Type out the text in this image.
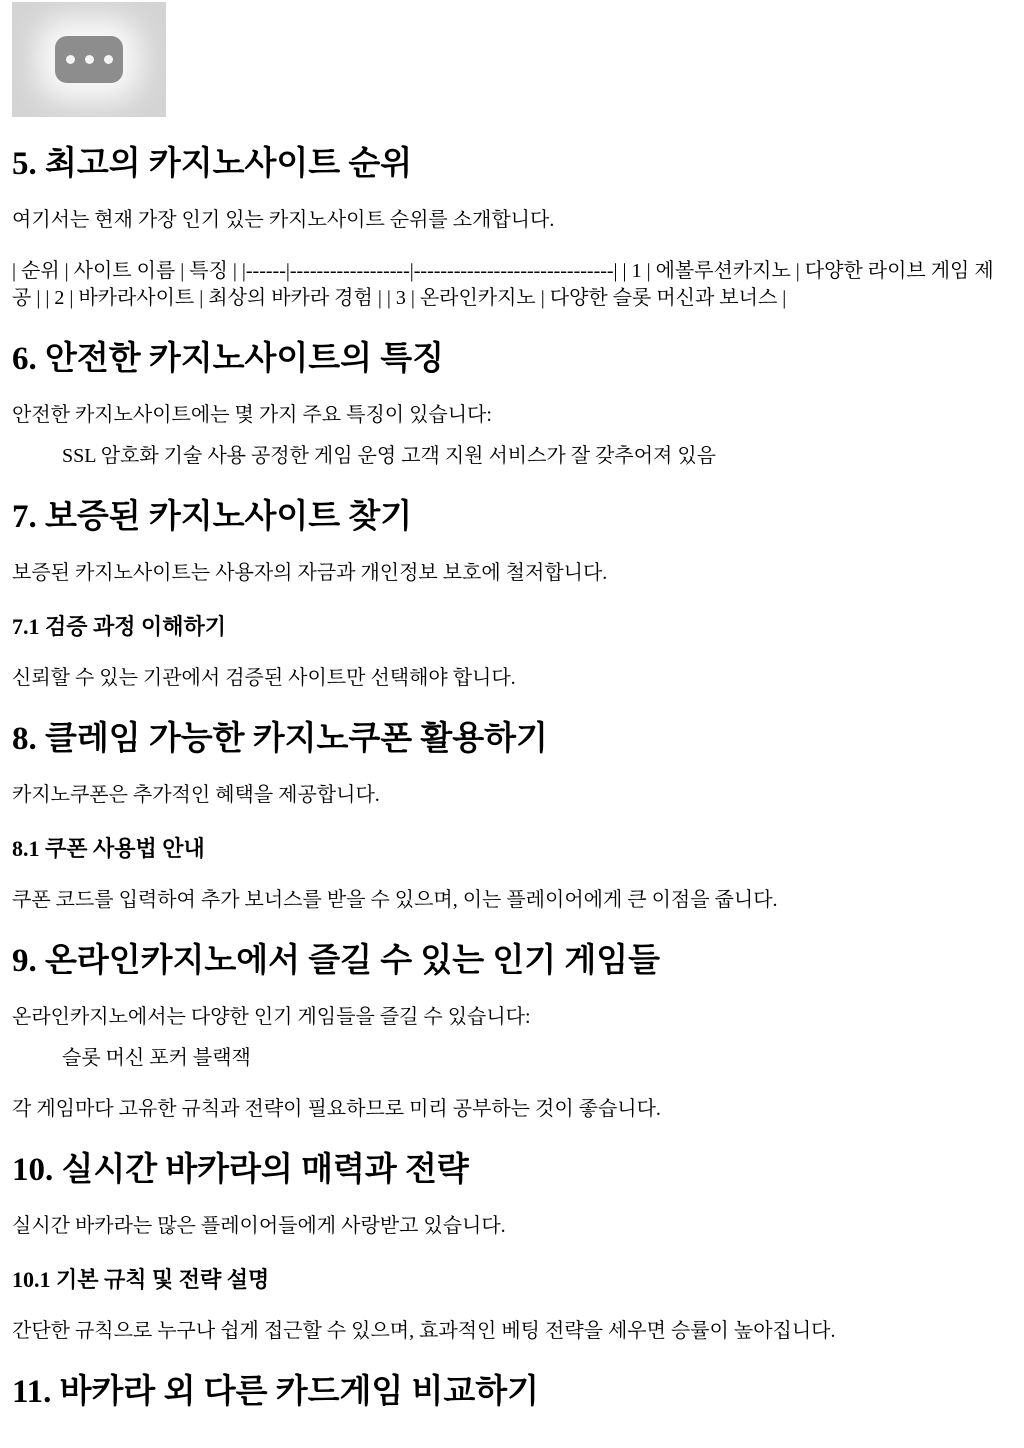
5. 최고의 카지노사이트 순위

여기서는 현재 가장 인기 있는 카지노사이트 순위를 소개합니다.

| 순위 | 사이트 이름 | 특징 | |------|------------------|------------------------------| | 1 | 에볼루션카지노 | 다양한 라이브 게임 제공 | | 2 | 바카라사이트 | 최상의 바카라 경험 | | 3 | 온라인카지노 | 다양한 슬롯 머신과 보너스 |

6. 안전한 카지노사이트의 특징

안전한 카지노사이트에는 몇 가지 주요 특징이 있습니다:

SSL 암호화 기술 사용 공정한 게임 운영 고객 지원 서비스가 잘 갖추어져 있음

7. 보증된 카지노사이트 찾기

보증된 카지노사이트는 사용자의 자금과 개인정보 보호에 철저합니다.

7.1 검증 과정 이해하기

신뢰할 수 있는 기관에서 검증된 사이트만 선택해야 합니다.

8. 클레임 가능한 카지노쿠폰 활용하기

카지노쿠폰은 추가적인 혜택을 제공합니다.

8.1 쿠폰 사용법 안내

쿠폰 코드를 입력하여 추가 보너스를 받을 수 있으며, 이는 플레이어에게 큰 이점을 줍니다.

9. 온라인카지노에서 즐길 수 있는 인기 게임들

온라인카지노에서는 다양한 인기 게임들을 즐길 수 있습니다:

슬롯 머신 포커 블랙잭

각 게임마다 고유한 규칙과 전략이 필요하므로 미리 공부하는 것이 좋습니다.

10. 실시간 바카라의 매력과 전략

실시간 바카라는 많은 플레이어들에게 사랑받고 있습니다.

10.1 기본 규칙 및 전략 설명

간단한 규칙으로 누구나 쉽게 접근할 수 있으며, 효과적인 베팅 전략을 세우면 승률이 높아집니다.

11. 바카라 외 다른 카드게임 비교하기
